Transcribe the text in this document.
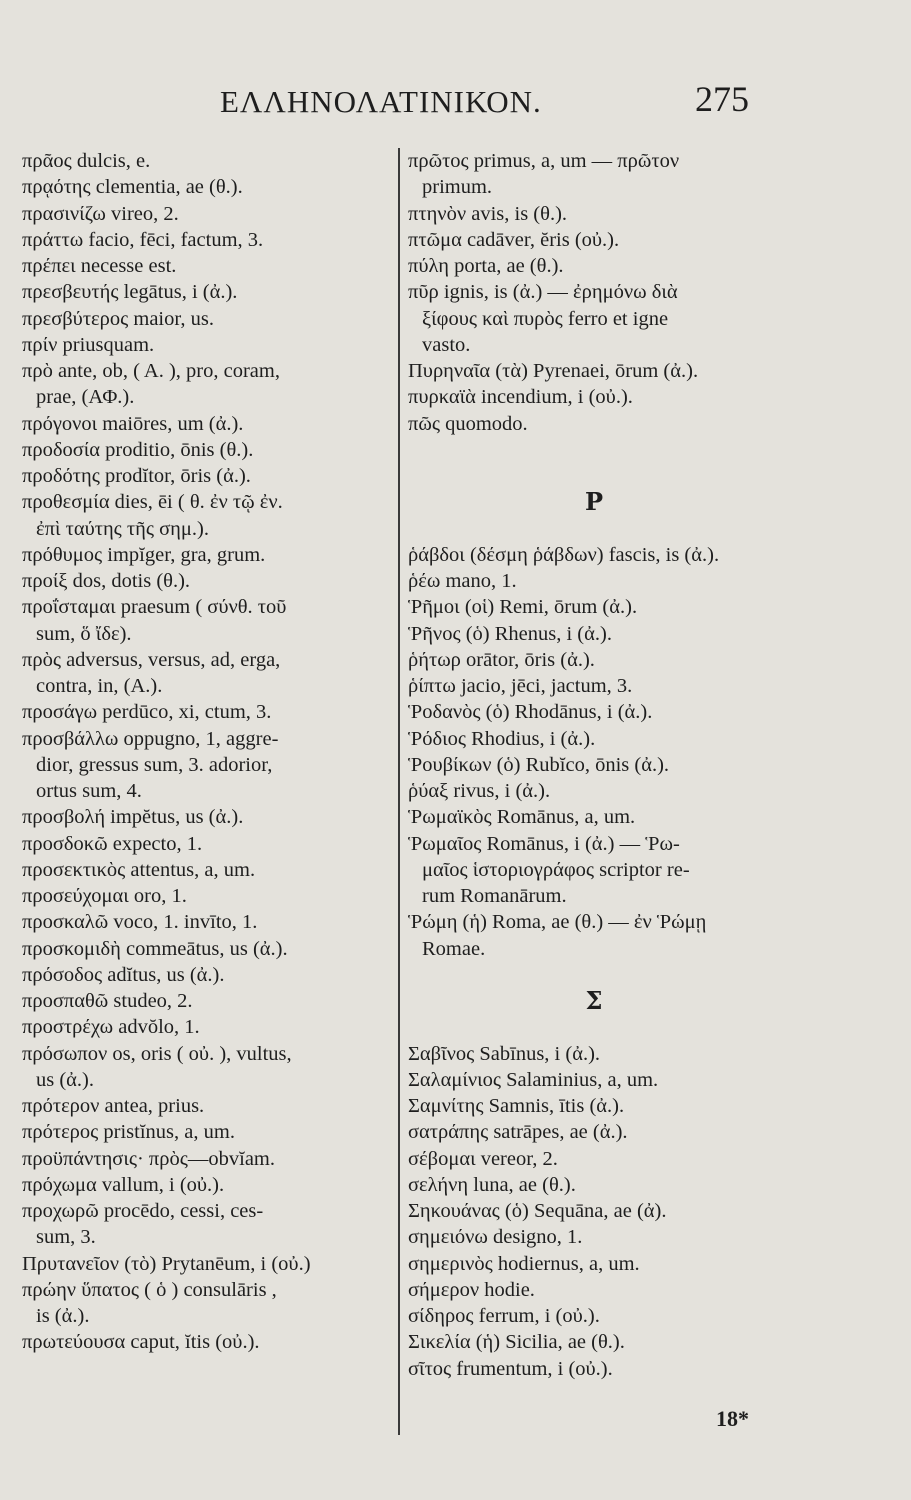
ΕΛΛΗΝΟΛΑΤΙΝΙΚΟΝ.	275
πρᾶος dulcis, e.
πρᾳότης clementia, ae (θ.).
πρασινίζω vireo, 2.
πράττω facio, fēci, factum, 3.
πρέπει necesse est.
πρεσβευτής legātus, i (ἀ.).
πρεσβύτερος maior, us.
πρίν priusquam.
πρὸ ante, ob, ( A. ), pro, coram,
prae, (ΑΦ.).
πρόγονοι maiōres, um (ἀ.).
προδοσία proditio, ōnis (θ.).
προδότης prodĭtor, ōris (ἀ.).
προθεσμία dies, ēi ( θ. ἐν τῷ ἐν.
ἐπὶ ταύτης τῆς σημ.).
πρόθυμος impĭger, gra, grum.
προίξ dos, dotis (θ.).
προΐσταμαι praesum ( σύνθ. τοῦ
sum, ὅ ἴδε).
πρὸς adversus, versus, ad, erga,
contra, in, (A.).
προσάγω perdūco, xi, ctum, 3.
προσβάλλω oppugno, 1, aggre-
dior, gressus sum, 3. adorior,
ortus sum, 4.
προσβολή impĕtus, us (ἀ.).
προσδοκῶ expecto, 1.
προσεκτικὸς attentus, a, um.
προσεύχομαι oro, 1.
προσκαλῶ voco, 1. invīto, 1.
προσκομιδὴ commeātus, us (ἀ.).
πρόσοδος adĭtus, us (ἀ.).
προσπαθῶ studeo, 2.
προστρέχω advŏlo, 1.
πρόσωπον os, oris ( οὐ. ), vultus,
us (ἀ.).
πρότερον antea, prius.
πρότερος pristĭnus, a, um.
προϋπάντησις· πρὸς—obvĭam.
πρόχωμα vallum, i (οὐ.).
προχωρῶ procēdo, cessi, ces-
sum, 3.
Πρυτανεῖον (τὸ) Prytanēum, i (οὐ.)
πρώην ὕπατος ( ὁ ) consulāris ,
is (ἀ.).
πρωτεύουσα caput, ĭtis (οὐ.).
πρῶτος primus, a, um — πρῶτον
primum.
πτηνὸν avis, is (θ.).
πτῶμα cadāver, ĕris (οὐ.).
πύλη porta, ae (θ.).
πῦρ ignis, is (ἀ.) — ἐρημόνω διὰ
ξίφους καὶ πυρὸς ferro et igne
vasto.
Πυρηναῖα (τὰ) Pyrenaei, ōrum (ἀ.).
πυρκαϊὰ incendium, i (οὐ.).
πῶς quomodo.
Ρ
ῥάβδοι (δέσμη ῥάβδων) fascis, is (ἀ.).
ῥέω mano, 1.
Ῥῆμοι (οἱ) Remi, ōrum (ἀ.).
Ῥῆνος (ὁ) Rhenus, i (ἀ.).
ῥήτωρ orātor, ōris (ἀ.).
ῥίπτω jacio, jēci, jactum, 3.
Ῥοδανὸς (ὁ) Rhodānus, i (ἀ.).
Ῥόδιος Rhodius, i (ἀ.).
Ῥουβίκων (ὁ) Rubĭco, ōnis (ἀ.).
ῥύαξ rivus, i (ἀ.).
Ῥωμαϊκὸς Romānus, a, um.
Ῥωμαῖος Romānus, i (ἀ.) — Ῥω-
μαῖος ἱστοριογράφος scriptor re-
rum Romanārum.
Ῥώμη (ἡ) Roma, ae (θ.) — ἐν Ῥώμῃ
Romae.
Σ
Σαβῖνος Sabīnus, i (ἀ.).
Σαλαμίνιος Salaminius, a, um.
Σαμνίτης Samnis, ītis (ἀ.).
σατράπης satrāpes, ae (ἀ.).
σέβομαι vereor, 2.
σελήνη luna, ae (θ.).
Σηκουάνας (ὁ) Sequāna, ae (ἀ).
σημειόνω designo, 1.
σημερινὸς hodiernus, a, um.
σήμερον hodie.
σίδηρος ferrum, i (οὐ.).
Σικελία (ἡ) Sicilia, ae (θ.).
σῖτος frumentum, i (οὐ.).
18*
